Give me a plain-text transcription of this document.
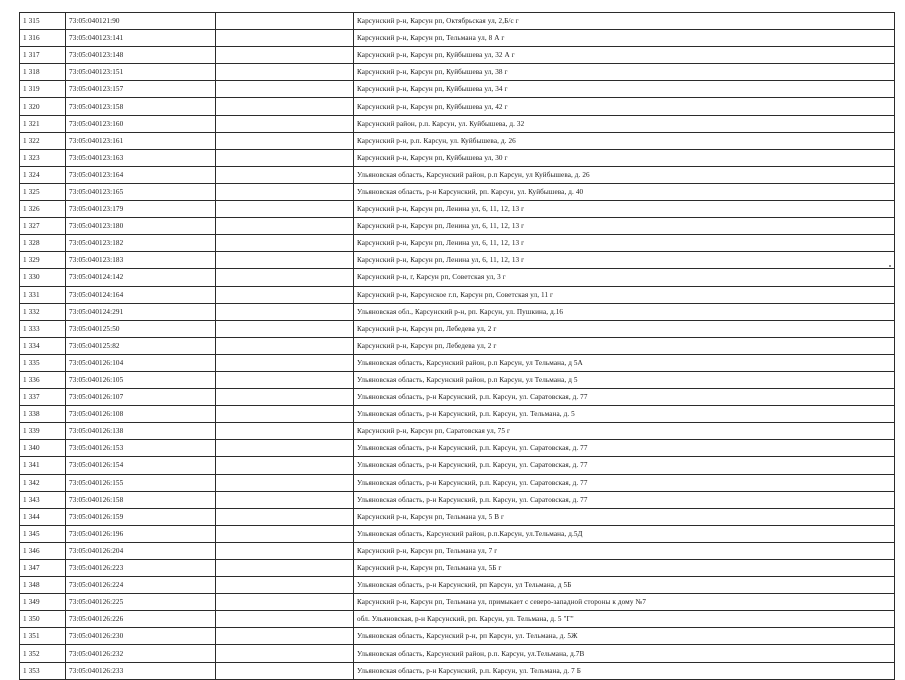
1 315	73:05:040121:90		Карсунский р-н, Карсун рп, Октябрьская ул, 2,Б/с г
1 316	73:05:040123:141		Карсунский р-н, Карсун рп, Тельмана ул, 8 А г
1 317	73:05:040123:148		Карсунский р-н, Карсун рп, Куйбышева ул, 32 А г
1 318	73:05:040123:151		Карсунский р-н, Карсун рп, Куйбышева ул, 38 г
1 319	73:05:040123:157		Карсунский р-н, Карсун рп, Куйбышева ул, 34 г
1 320	73:05:040123:158		Карсунский р-н, Карсун рп, Куйбышева ул, 42 г
1 321	73:05:040123:160		Карсунский район, р.п. Карсун, ул. Куйбышева, д. 32
1 322	73:05:040123:161		Карсунский р-н, р.п. Карсун, ул. Куйбышева, д. 26
1 323	73:05:040123:163		Карсунский р-н, Карсун рп, Куйбышева ул, 30 г
1 324	73:05:040123:164		Ульяновская область, Карсунский район, р.п Карсун, ул Куйбышева, д. 26
1 325	73:05:040123:165		Ульяновская область, р-н Карсунский, рп. Карсун, ул. Куйбышева, д. 40
1 326	73:05:040123:179		Карсунский р-н, Карсун рп, Ленина ул, 6, 11, 12, 13 г
1 327	73:05:040123:180		Карсунский р-н, Карсун рп, Ленина ул, 6, 11, 12, 13 г
1 328	73:05:040123:182		Карсунский р-н, Карсун рп, Ленина ул, 6, 11, 12, 13 г
1 329	73:05:040123:183		Карсунский р-н, Карсун рп, Ленина ул, 6, 11, 12, 13 г
1 330	73:05:040124:142		Карсунский р-н, г, Карсун рп, Советская ул, 3 г
1 331	73:05:040124:164		Карсунский р-н, Карсунское г.п, Карсун рп, Советская ул, 11 г
1 332	73:05:040124:291		Ульяновская обл., Карсунский р-н, рп. Карсун, ул. Пушкина, д.16
1 333	73:05:040125:50		Карсунский р-н, Карсун рп, Лебедева ул, 2 г
1 334	73:05:040125:82		Карсунский р-н, Карсун рп, Лебедева ул, 2 г
1 335	73:05:040126:104		Ульяновская область, Карсунский район, р.п Карсун, ул Тельмана, д 5А
1 336	73:05:040126:105		Ульяновская область, Карсунский район, р.п Карсун, ул Тельмана, д 5
1 337	73:05:040126:107		Ульяновская область, р-н Карсунский, р.п. Карсун, ул. Саратовская, д. 77
1 338	73:05:040126:108		Ульяновская область, р-н Карсунский, р.п. Карсун, ул. Тельмана, д. 5
1 339	73:05:040126:138		Карсунский р-н, Карсун рп, Саратовская ул, 75 г
1 340	73:05:040126:153		Ульяновская область, р-н Карсунский, р.п. Карсун, ул. Саратовская, д. 77
1 341	73:05:040126:154		Ульяновская область, р-н Карсунский, р.п. Карсун, ул. Саратовская, д. 77
1 342	73:05:040126:155		Ульяновская область, р-н Карсунский, р.п. Карсун, ул. Саратовская, д. 77
1 343	73:05:040126:158		Ульяновская область, р-н Карсунский, р.п. Карсун, ул. Саратовская, д. 77
1 344	73:05:040126:159		Карсунский р-н, Карсун рп, Тельмана ул, 5 В г
1 345	73:05:040126:196		Ульяновская область, Карсунский район, р.п.Карсун, ул.Тельмана, д.5Д
1 346	73:05:040126:204		Карсунский р-н, Карсун рп, Тельмана ул, 7 г
1 347	73:05:040126:223		Карсунский р-н, Карсун рп, Тельмана ул, 5Б г
1 348	73:05:040126:224		Ульяновская область, р-н Карсунский, рп Карсун, ул Тельмана, д 5Б
1 349	73:05:040126:225		Карсунский р-н, Карсун рп, Тельмана ул, примыкает с северо-западной стороны к дому №7
1 350	73:05:040126:226		обл. Ульяновская, р-н Карсунский, рп. Карсун, ул. Тельмана, д. 5 "Г"
1 351	73:05:040126:230		Ульяновская область, Карсунский р-н, рп Карсун, ул. Тельмана, д. 5Ж
1 352	73:05:040126:232		Ульяновская область, Карсунский район, р.п. Карсун, ул.Тельмана, д.7В
1 353	73:05:040126:233		Ульяновская область, р-н Карсунский, р.п. Карсун, ул. Тельмана, д. 7 Б
